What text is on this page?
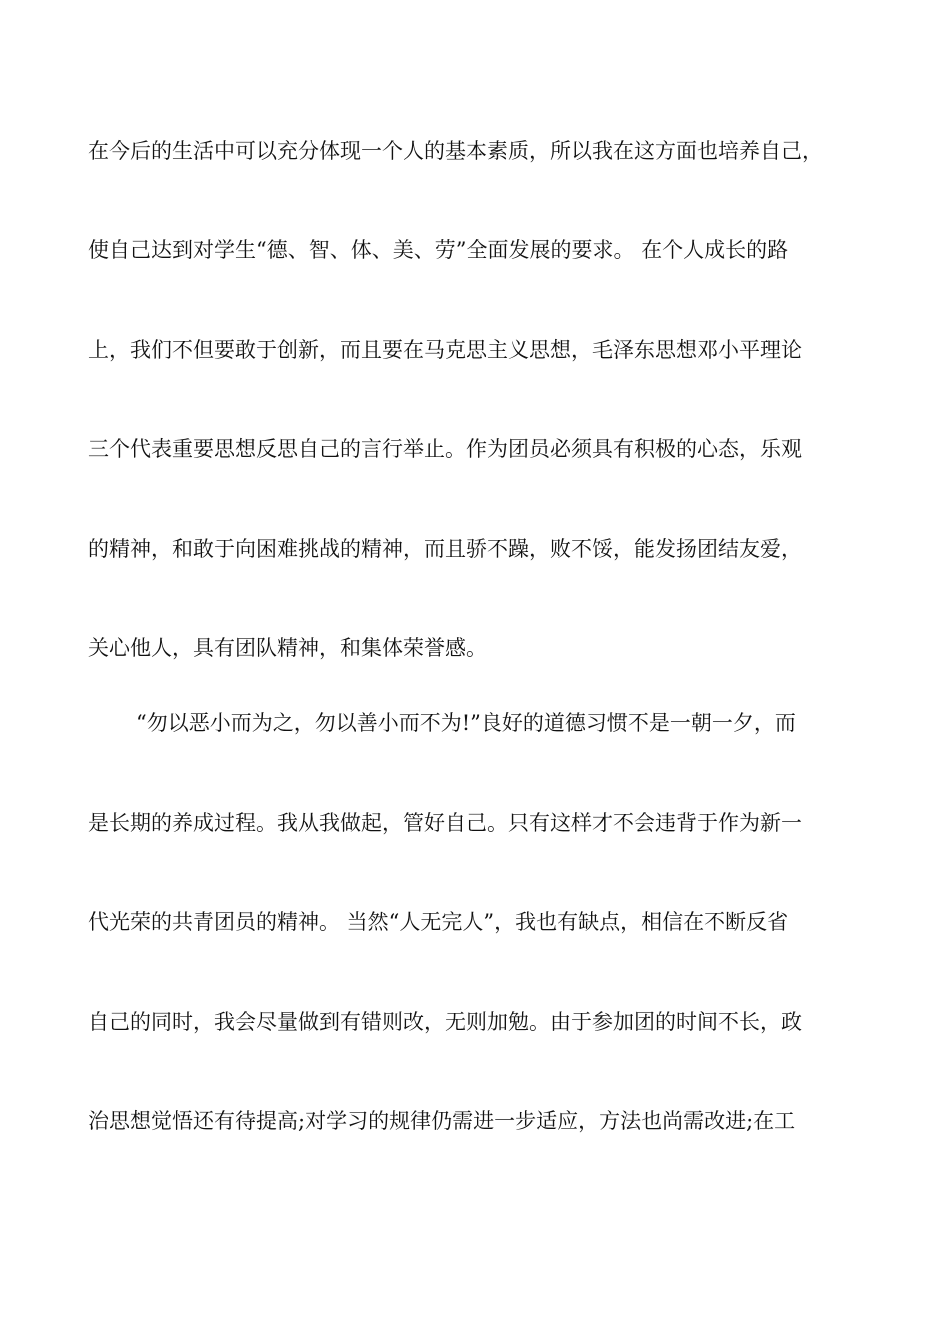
在今后的生活中可以充分体现一个人的基本素质，所以我在这方面也培养自己，
使自己达到对学生“德、智、体、美、劳”全面发展的要求。 在个人成长的路
上，我们不但要敢于创新，而且要在马克思主义思想，毛泽东思想邓小平理论
三个代表重要思想反思自己的言行举止。作为团员必须具有积极的心态，乐观
的精神，和敢于向困难挑战的精神，而且骄不躁，败不馁，能发扬团结友爱，
关心他人，具有团队精神，和集体荣誉感。
“勿以恶小而为之，勿以善小而不为!”良好的道德习惯不是一朝一夕，而
是长期的养成过程。我从我做起，管好自己。只有这样才不会违背于作为新一
代光荣的共青团员的精神。 当然“人无完人”，我也有缺点，相信在不断反省
自己的同时，我会尽量做到有错则改，无则加勉。由于参加团的时间不长，政
治思想觉悟还有待提高;对学习的规律仍需进一步适应，方法也尚需改进;在工
